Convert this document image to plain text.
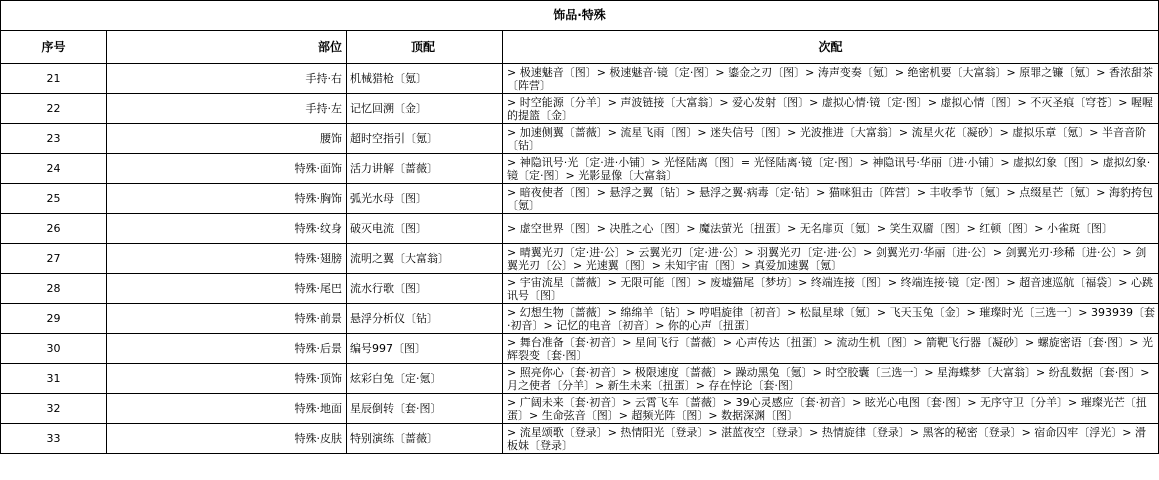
饰品·特殊			
序号	部位	顶配	次配
21	手持·右	机械猎枪〔氪〕	> 极速魅音〔图〕> 极速魅音·镜〔定·图〕> 鎏金之刃〔图〕> 涛声变奏〔氪〕> 绝密机要〔大富翁〕> 原罪之镰〔氪〕> 香浓甜茶〔阵营〕
22	手持·左	记忆回溯〔金〕	> 时空能源〔分羊〕> 声波链接〔大富翁〕> 爱心发射〔图〕> 虚拟心情·镜〔定·图〕> 虚拟心情〔图〕> 不灭圣痕〔穹苍〕> 喔喔的提篮〔金〕
23	腰饰	超时空指引〔氪〕	> 加速侧翼〔蔷薇〕> 流星飞雨〔图〕> 迷失信号〔图〕> 光波推进〔大富翁〕> 流星火花〔凝砂〕> 虚拟乐章〔氪〕> 半音音阶〔钻〕
24	特殊·面饰	活力讲解〔蔷薇〕	> 神隐讯号·光〔定·进·小铺〕> 光怪陆离〔图〕= 光怪陆离·镜〔定·图〕> 神隐讯号·华丽〔进·小铺〕> 虚拟幻象〔图〕> 虚拟幻象·镜〔定·图〕> 光影显像〔大富翁〕
25	特殊·胸饰	弧光水母〔图〕	> 暗夜使者〔图〕> 悬浮之翼〔钻〕> 悬浮之翼·病毒〔定·钻〕> 猫咪狙击〔阵营〕> 丰收季节〔氪〕> 点缀星芒〔氪〕> 海豹挎包〔氪〕
26	特殊·纹身	破灭电流〔图〕	> 虚空世界〔图〕> 决胜之心〔图〕> 魔法萤光〔扭蛋〕> 无名扉页〔氪〕> 笑生双靥〔图〕> 红顿〔图〕> 小雀斑〔图〕
27	特殊·翅膀	流明之翼〔大富翁〕	> 晴翼光刃〔定·进·公〕> 云翼光刃〔定·进·公〕> 羽翼光刃〔定·进·公〕> 剑翼光刃·华丽〔进·公〕> 剑翼光刃·珍稀〔进·公〕> 剑翼光刃〔公〕> 光速翼〔图〕> 未知宇宙〔图〕> 真爱加速翼〔氪〕
28	特殊·尾巴	流水行歌〔图〕	> 宇宙流星〔蔷薇〕> 无限可能〔图〕> 废墟猫尾〔梦坊〕> 终端连接〔图〕> 终端连接·镜〔定·图〕> 超音速巡航〔福袋〕> 心跳讯号〔图〕
29	特殊·前景	悬浮分析仪〔钻〕	> 幻想生物〔蔷薇〕> 绵绵羊〔钻〕> 哼唱旋律〔初音〕> 松鼠星球〔氪〕> 飞天玉兔〔金〕> 璀璨时光〔三选一〕> 393939〔套·初音〕> 记忆的电音〔初音〕> 你的心声〔扭蛋〕
30	特殊·后景	编号997〔图〕	> 舞台准备〔套·初音〕> 星间飞行〔蔷薇〕> 心声传达〔扭蛋〕> 流动生机〔图〕> 箭靶飞行器〔凝砂〕> 螺旋密语〔套·图〕> 光辉裂变〔套·图〕
31	特殊·顶饰	炫彩白兔〔定·氪〕	> 照亮你心〔套·初音〕> 极限速度〔蔷薇〕> 躁动黑兔〔氪〕> 时空胶囊〔三选一〕> 星海蝶梦〔大富翁〕> 纷乱数据〔套·图〕> 月之使者〔分羊〕> 新生未来〔扭蛋〕> 存在悖论〔套·图〕
32	特殊·地面	星辰倒转〔套·图〕	> 广阔未来〔套·初音〕> 云霄飞车〔蔷薇〕> 39心灵感应〔套·初音〕> 眩光心电图〔套·图〕> 无序守卫〔分羊〕> 璀璨光芒〔扭蛋〕> 生命弦音〔图〕> 超频光阵〔图〕> 数据深渊〔图〕
33	特殊·皮肤	特别演练〔蔷薇〕	> 流星颂歌〔登录〕> 热情阳光〔登录〕> 湛蓝夜空〔登录〕> 热情旋律〔登录〕> 黑客的秘密〔登录〕> 宿命囚牢〔浮光〕> 滑板妹〔登录〕
